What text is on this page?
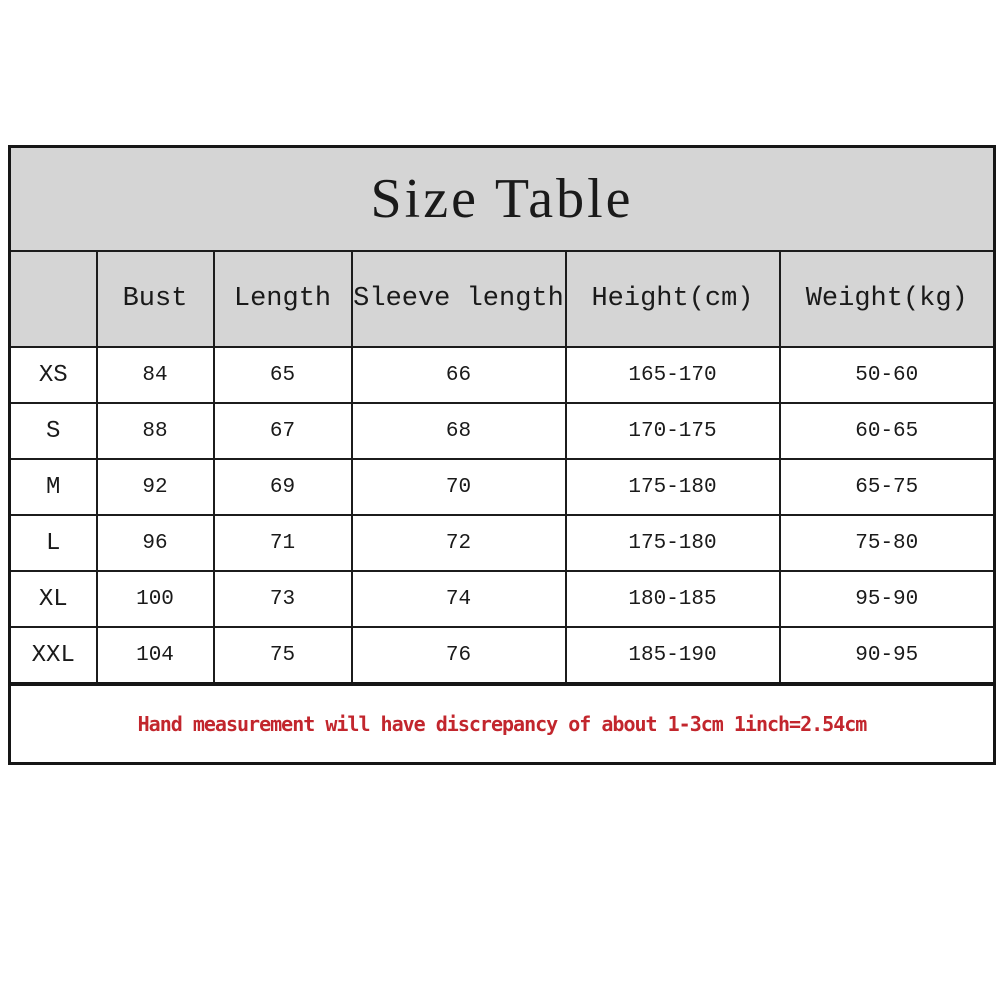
Size Table					
	Bust	Length	Sleeve length	Height(cm)	Weight(kg)
XS	84	65	66	165-170	50-60
S	88	67	68	170-175	60-65
M	92	69	70	175-180	65-75
L	96	71	72	175-180	75-80
XL	100	73	74	180-185	95-90
XXL	104	75	76	185-190	90-95
Hand measurement will have discrepancy of about 1-3cm 1inch=2.54cm					
